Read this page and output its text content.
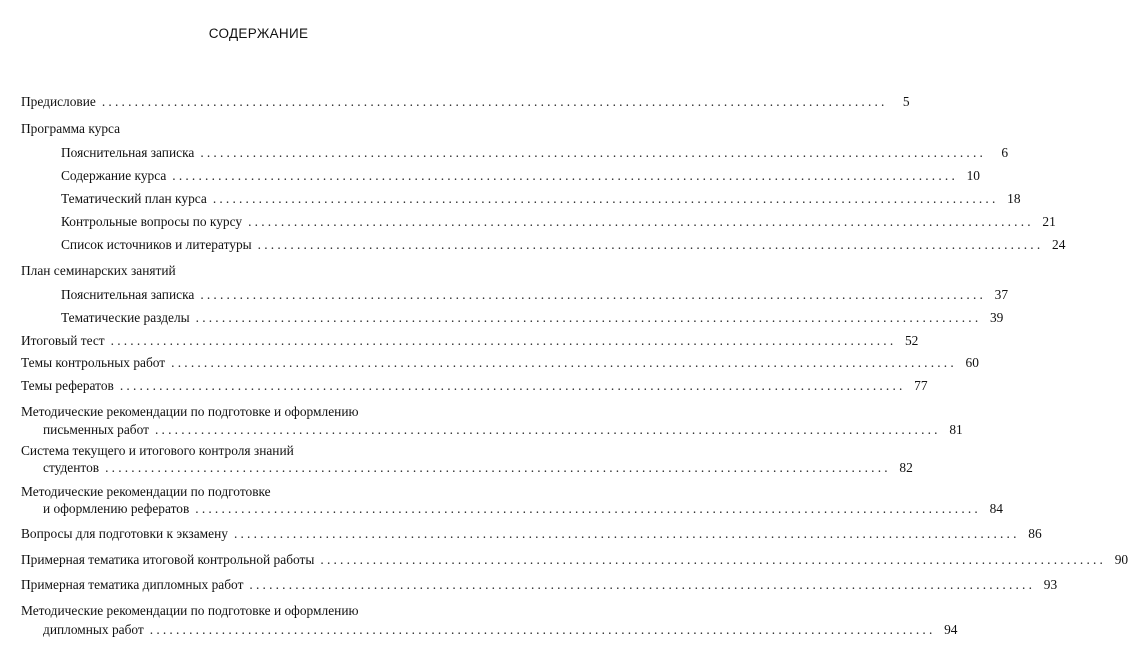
СОДЕРЖАНИЕ
Предисловие ........................................................................................................................	5
Программа курса
Пояснительная записка ........................................................................................................................	6
Содержание курса ........................................................................................................................ 10
Тематический план курса ........................................................................................................................ 18
Контрольные вопросы по курсу ........................................................................................................................ 21
Список источников и литературы ........................................................................................................................ 24
План семинарских занятий
Пояснительная записка ........................................................................................................................ 37
Тематические разделы ........................................................................................................................ 39
Итоговый тест ........................................................................................................................ 52
Темы контрольных работ ........................................................................................................................ 60
Темы рефератов ........................................................................................................................ 77
Методические рекомендации по подготовке и оформлению
письменных работ ........................................................................................................................ 81
Система текущего и итогового контроля знаний
студентов ........................................................................................................................ 82
Методические рекомендации по подготовке
и оформлению рефератов ........................................................................................................................ 84
Вопросы для подготовки к экзамену ........................................................................................................................ 86
Примерная тематика итоговой контрольной работы ........................................................................................................................ 90
Примерная тематика дипломных работ ........................................................................................................................ 93
Методические рекомендации по подготовке и оформлению
дипломных работ ........................................................................................................................ 94
